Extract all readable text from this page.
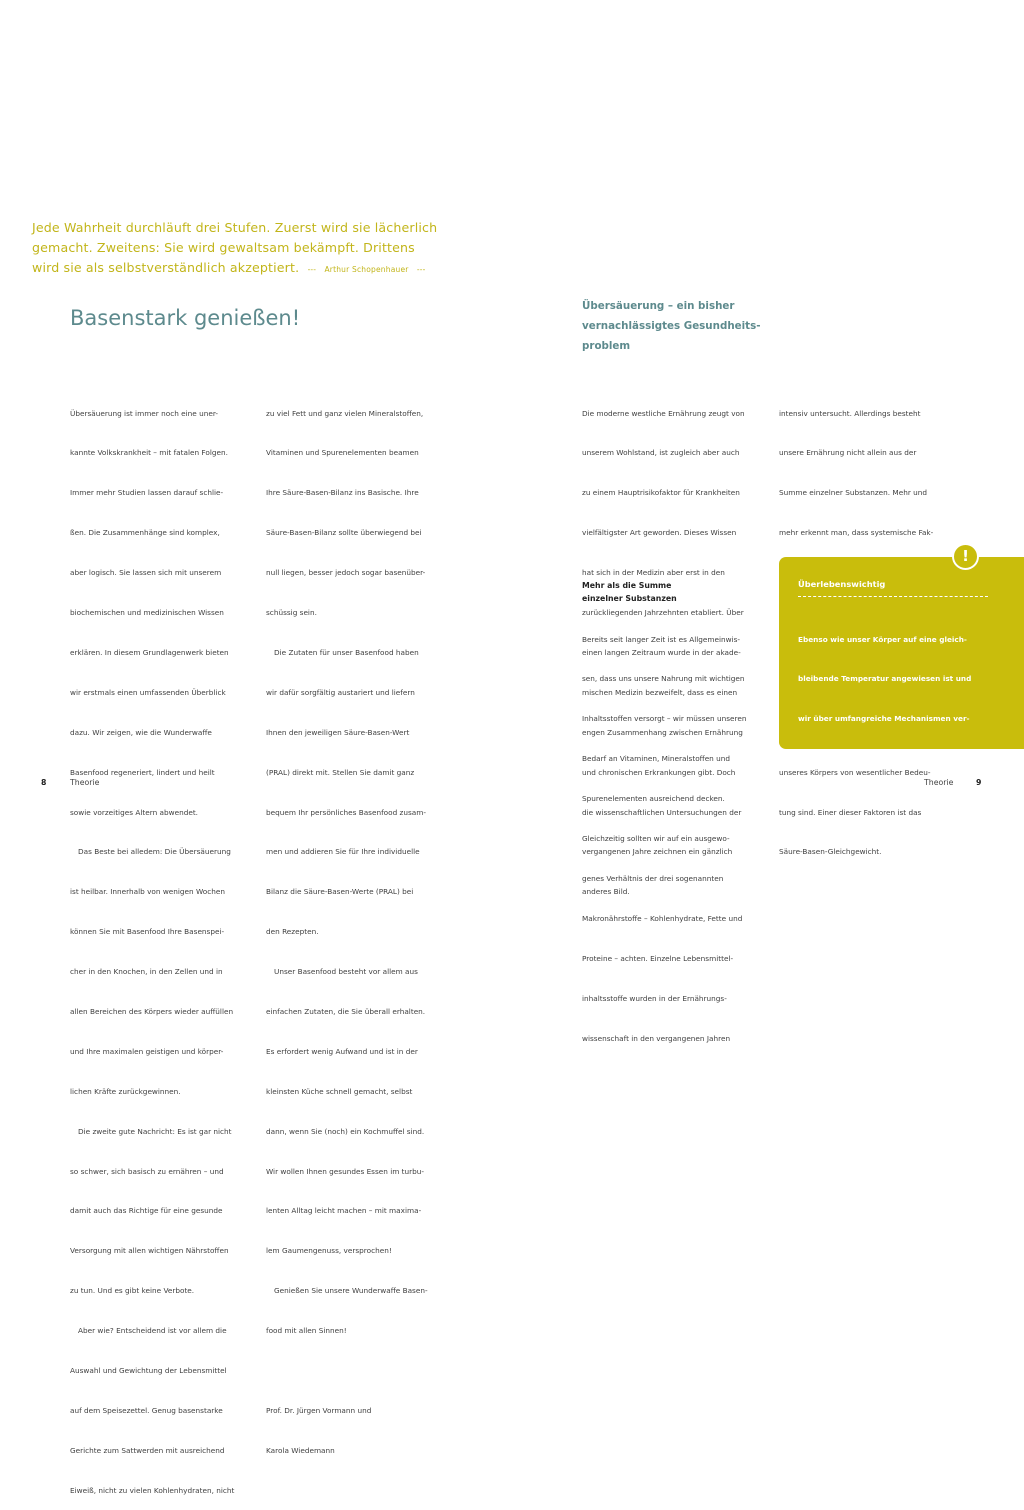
Jede Wahrheit durchläuft drei Stufen. Zuerst wird sie lächerlich
gemacht. Zweitens: Sie wird gewaltsam bekämpft. Drittens
wird sie als selbstverständlich akzeptiert. --- Arthur Schopenhauer ---
Basenstark genießen!

Übersäuerung ist immer noch eine uner-

kannte Volkskrankheit – mit fatalen Folgen.

Immer mehr Studien lassen darauf schlie-

ßen. Die Zusammenhänge sind komplex,

aber logisch. Sie lassen sich mit unserem

biochemischen und medizinischen Wissen

erklären. In diesem Grundlagenwerk bieten

wir erstmals einen umfassenden Überblick

dazu. Wir zeigen, wie die Wunderwaffe

Basenfood regeneriert, lindert und heilt

sowie vorzeitiges Altern abwendet.

Das Beste bei alledem: Die Übersäuerung

ist heilbar. Innerhalb von wenigen Wochen

können Sie mit Basenfood Ihre Basenspei-

cher in den Knochen, in den Zellen und in

allen Bereichen des Körpers wieder auffüllen

und Ihre maximalen geistigen und körper-

lichen Kräfte zurückgewinnen.

Die zweite gute Nachricht: Es ist gar nicht

so schwer, sich basisch zu ernähren – und

damit auch das Richtige für eine gesunde

Versorgung mit allen wichtigen Nährstoffen

zu tun. Und es gibt keine Verbote.

Aber wie? Entscheidend ist vor allem die

Auswahl und Gewichtung der Lebensmittel

auf dem Speisezettel. Genug basenstarke

Gerichte zum Sattwerden mit ausreichend

Eiweiß, nicht zu vielen Kohlenhydraten, nicht

zu viel Fett und ganz vielen Mineralstoffen,

Vitaminen und Spurenelementen beamen

Ihre Säure-Basen-Bilanz ins Basische. Ihre

Säure-Basen-Bilanz sollte überwiegend bei

null liegen, besser jedoch sogar basenüber-

schüssig sein.

Die Zutaten für unser Basenfood haben

wir dafür sorgfältig austariert und liefern

Ihnen den jeweiligen Säure-Basen-Wert

(PRAL) direkt mit. Stellen Sie damit ganz

bequem Ihr persönliches Basenfood zusam-

men und addieren Sie für Ihre individuelle

Bilanz die Säure-Basen-Werte (PRAL) bei

den Rezepten.

Unser Basenfood besteht vor allem aus

einfachen Zutaten, die Sie überall erhalten.

Es erfordert wenig Aufwand und ist in der

kleinsten Küche schnell gemacht, selbst

dann, wenn Sie (noch) ein Kochmuffel sind.

Wir wollen Ihnen gesundes Essen im turbu-

lenten Alltag leicht machen – mit maxima-

lem Gaumengenuss, versprochen!

Genießen Sie unsere Wunderwaffe Basen-

food mit allen Sinnen!

Prof. Dr. Jürgen Vormann und

Karola Wiedemann

Übersäuerung – ein bisher
vernachlässigtes Gesundheits-
problem

Die moderne westliche Ernährung zeugt von

unserem Wohlstand, ist zugleich aber auch

zu einem Hauptrisikofaktor für Krankheiten

vielfältigster Art geworden. Dieses Wissen

hat sich in der Medizin aber erst in den

zurückliegenden Jahrzehnten etabliert. Über

einen langen Zeitraum wurde in der akade-

mischen Medizin bezweifelt, dass es einen

engen Zusammenhang zwischen Ernährung

und chronischen Erkrankungen gibt. Doch

die wissenschaftlichen Untersuchungen der

vergangenen Jahre zeichnen ein gänzlich

anderes Bild.

Mehr als die Summe
einzelner Substanzen

Bereits seit langer Zeit ist es Allgemeinwis-

sen, dass uns unsere Nahrung mit wichtigen

Inhaltsstoffen versorgt – wir müssen unseren

Bedarf an Vitaminen, Mineralstoffen und

Spurenelementen ausreichend decken.

Gleichzeitig sollten wir auf ein ausgewo-

genes Verhältnis der drei sogenannten

Makronährstoffe – Kohlenhydrate, Fette und

Proteine – achten. Einzelne Lebensmittel-

inhaltsstoffe wurden in der Ernährungs-

wissenschaft in den vergangenen Jahren

intensiv untersucht. Allerdings besteht

unsere Ernährung nicht allein aus der

Summe einzelner Substanzen. Mehr und

mehr erkennt man, dass systemische Fak-

unseres Körpers von wesentlicher Bedeu-

tung sind. Einer dieser Faktoren ist das

Säure-Basen-Gleichgewicht.

!
Überlebenswichtig

Ebenso wie unser Körper auf eine gleich-

bleibende Temperatur angewiesen ist und

wir über umfangreiche Mechanismen ver-

fügen, die es uns ermöglichen, mit großen

Schwankungen der Umgebungstemperatur

umzugehen, ist es für unseren Stoffwechsel

überlebenswichtig, innerhalb und außerhalb

der Zellen eine möglichst konstante Säure-

konzentration aufrechtzuerhalten.

8	Theorie	Theorie	9
